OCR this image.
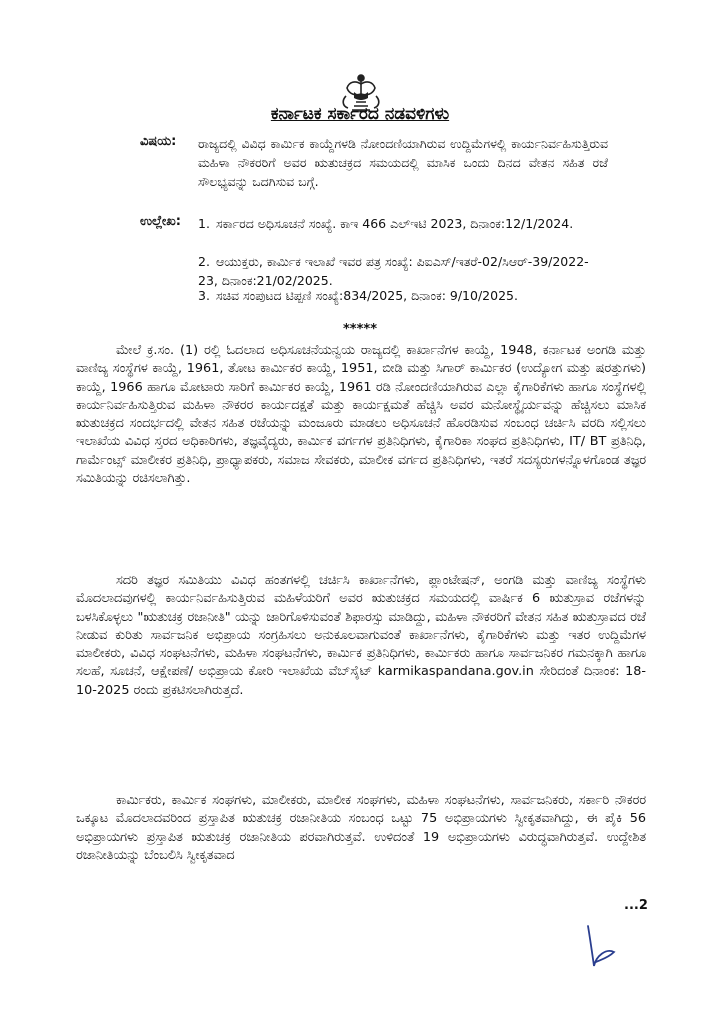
ಕರ್ನಾಟಕ ಸರ್ಕಾರದ ನಡವಳಿಗಳು
ವಿಷಯ: ರಾಜ್ಯದಲ್ಲಿ ವಿವಿಧ ಕಾರ್ಮಿಕ ಕಾಯ್ದೆಗಳಡಿ ನೋಂದಣಿಯಾಗಿರುವ ಉದ್ದಿಮೆಗಳಲ್ಲಿ ಕಾರ್ಯನಿರ್ವಹಿಸುತ್ತಿರುವ ಮಹಿಳಾ ನೌಕರರಿಗೆ ಅವರ ಋತುಚಕ್ರದ ಸಮಯದಲ್ಲಿ ಮಾಸಿಕ ಒಂದು ದಿನದ ವೇತನ ಸಹಿತ ರಜೆ ಸೌಲಭ್ಯವನ್ನು ಒದಗಿಸುವ ಬಗ್ಗೆ.
ಉಲ್ಲೇಖ: 1. ಸರ್ಕಾರದ ಅಧಿಸೂಚನೆ ಸಂಖ್ಯೆ. ಕಾಇ 466 ಎಲ್‌ಇಟಿ 2023, ದಿನಾಂಕ:12/1/2024.
2. ಆಯುಕ್ತರು, ಕಾರ್ಮಿಕ ಇಲಾಖೆ ಇವರ ಪತ್ರ ಸಂಖ್ಯೆ: ಪಿಐಎಸ್/ಇತರೆ-02/ಸಿಆರ್-39/2022-23, ದಿನಾಂಕ:21/02/2025.
3. ಸಚಿವ ಸಂಪುಟದ ಟಿಪ್ಪಣಿ ಸಂಖ್ಯೆ:834/2025, ದಿನಾಂಕ: 9/10/2025.
*****

ಮೇಲೆ ಕ್ರ.ಸಂ. (1) ರಲ್ಲಿ ಓದಲಾದ ಅಧಿಸೂಚನೆಯನ್ವಯ ರಾಜ್ಯದಲ್ಲಿ ಕಾರ್ಖಾನೆಗಳ ಕಾಯ್ದೆ, 1948, ಕರ್ನಾಟಕ ಅಂಗಡಿ ಮತ್ತು ವಾಣಿಜ್ಯ ಸಂಸ್ಥೆಗಳ ಕಾಯ್ದೆ, 1961, ತೋಟ ಕಾರ್ಮಿಕರ ಕಾಯ್ದೆ, 1951, ಬೀಡಿ ಮತ್ತು ಸಿಗಾರ್ ಕಾರ್ಮಿಕರ (ಉದ್ಯೋಗ ಮತ್ತು ಷರತ್ತುಗಳು) ಕಾಯ್ದೆ, 1966 ಹಾಗೂ ಮೋಟಾರು ಸಾರಿಗೆ ಕಾರ್ಮಿಕರ ಕಾಯ್ದೆ, 1961 ರಡಿ ನೋಂದಣಿಯಾಗಿರುವ ಎಲ್ಲಾ ಕೈಗಾರಿಕೆಗಳು ಹಾಗೂ ಸಂಸ್ಥೆಗಳಲ್ಲಿ ಕಾರ್ಯನಿರ್ವಹಿಸುತ್ತಿರುವ ಮಹಿಳಾ ನೌಕರರ ಕಾರ್ಯದಕ್ಷತೆ ಮತ್ತು ಕಾರ್ಯಕ್ಷಮತೆ ಹೆಚ್ಚಿಸಿ ಅವರ ಮನೋಸ್ಥೈರ್ಯವನ್ನು ಹೆಚ್ಚಿಸಲು ಮಾಸಿಕ ಋತುಚಕ್ರದ ಸಂದರ್ಭದಲ್ಲಿ ವೇತನ ಸಹಿತ ರಜೆಯನ್ನು ಮಂಜೂರು ಮಾಡಲು ಅಧಿಸೂಚನೆ ಹೊರಡಿಸುವ ಸಂಬಂಧ ಚರ್ಚಿಸಿ ವರದಿ ಸಲ್ಲಿಸಲು ಇಲಾಖೆಯ ವಿವಿಧ ಸ್ತರದ ಅಧಿಕಾರಿಗಳು, ತಜ್ಞವೈದ್ಯರು, ಕಾರ್ಮಿಕ ವರ್ಗಗಳ ಪ್ರತಿನಿಧಿಗಳು, ಕೈಗಾರಿಕಾ ಸಂಘದ ಪ್ರತಿನಿಧಿಗಳು, IT/ BT ಪ್ರತಿನಿಧಿ, ಗಾರ್ಮೆಂಟ್ಸ್ ಮಾಲೀಕರ ಪ್ರತಿನಿಧಿ, ಪ್ರಾಧ್ಯಾಪಕರು, ಸಮಾಜ ಸೇವಕರು, ಮಾಲೀಕ ವರ್ಗದ ಪ್ರತಿನಿಧಿಗಳು, ಇತರೆ ಸದಸ್ಯರುಗಳನ್ನೊಳಗೊಂಡ ತಜ್ಞರ ಸಮಿತಿಯನ್ನು ರಚಿಸಲಾಗಿತ್ತು.

ಸದರಿ ತಜ್ಞರ ಸಮಿತಿಯು ವಿವಿಧ ಹಂತಗಳಲ್ಲಿ ಚರ್ಚಿಸಿ ಕಾರ್ಖಾನೆಗಳು, ಪ್ಲಾಂಟೇಷನ್, ಅಂಗಡಿ ಮತ್ತು ವಾಣಿಜ್ಯ ಸಂಸ್ಥೆಗಳು ಮೊದಲಾದವುಗಳಲ್ಲಿ ಕಾರ್ಯನಿರ್ವಹಿಸುತ್ತಿರುವ ಮಹಿಳೆಯರಿಗೆ ಅವರ ಋತುಚಕ್ರದ ಸಮಯದಲ್ಲಿ ವಾರ್ಷಿಕ 6 ಋತುಸ್ರಾವ ರಜೆಗಳನ್ನು ಬಳಸಿಕೊಳ್ಳಲು "ಋತುಚಕ್ರ ರಜಾನೀತಿ" ಯನ್ನು ಜಾರಿಗೊಳಿಸುವಂತೆ ಶಿಫಾರಸ್ಸು ಮಾಡಿದ್ದು, ಮಹಿಳಾ ನೌಕರರಿಗೆ ವೇತನ ಸಹಿತ ಋತುಸ್ರಾವದ ರಜೆ ನೀಡುವ ಕುರಿತು ಸಾರ್ವಜನಿಕ ಅಭಿಪ್ರಾಯ ಸಂಗ್ರಹಿಸಲು ಅನುಕೂಲವಾಗುವಂತೆ ಕಾರ್ಖಾನೆಗಳು, ಕೈಗಾರಿಕೆಗಳು ಮತ್ತು ಇತರ ಉದ್ದಿಮೆಗಳ ಮಾಲೀಕರು, ವಿವಿಧ ಸಂಘಟನೆಗಳು, ಮಹಿಳಾ ಸಂಘಟನೆಗಳು, ಕಾರ್ಮಿಕ ಪ್ರತಿನಿಧಿಗಳು, ಕಾರ್ಮಿಕರು ಹಾಗೂ ಸಾರ್ವಜನಿಕರ ಗಮನಕ್ಕಾಗಿ ಹಾಗೂ ಸಲಹೆ, ಸೂಚನೆ, ಆಕ್ಷೇಪಣೆ/ ಅಭಿಪ್ರಾಯ ಕೋರಿ ಇಲಾಖೆಯ ವೆಬ್‌ಸೈಟ್ karmikaspandana.gov.in ಸೇರಿದಂತೆ ದಿನಾಂಕ: 18-10-2025 ರಂದು ಪ್ರಕಟಿಸಲಾಗಿರುತ್ತದೆ.

ಕಾರ್ಮಿಕರು, ಕಾರ್ಮಿಕ ಸಂಘಗಳು, ಮಾಲೀಕರು, ಮಾಲೀಕ ಸಂಘಗಳು, ಮಹಿಳಾ ಸಂಘಟನೆಗಳು, ಸಾರ್ವಜನಿಕರು, ಸರ್ಕಾರಿ ನೌಕರರ ಒಕ್ಕೂಟ ಮೊದಲಾದವರಿಂದ ಪ್ರಸ್ತಾಪಿತ ಋತುಚಕ್ರ ರಜಾನೀತಿಯ ಸಂಬಂಧ ಒಟ್ಟು 75 ಅಭಿಪ್ರಾಯಗಳು ಸ್ವೀಕೃತವಾಗಿದ್ದು, ಈ ಪೈಕಿ 56 ಅಭಿಪ್ರಾಯಗಳು ಪ್ರಸ್ತಾಪಿತ ಋತುಚಕ್ರ ರಜಾನೀತಿಯ ಪರವಾಗಿರುತ್ತವೆ. ಉಳಿದಂತೆ 19 ಅಭಿಪ್ರಾಯಗಳು ವಿರುದ್ಧವಾಗಿರುತ್ತವೆ. ಉದ್ದೇಶಿತ ರಜಾನೀತಿಯನ್ನು ಬೆಂಬಲಿಸಿ ಸ್ವೀಕೃತವಾದ

...2
